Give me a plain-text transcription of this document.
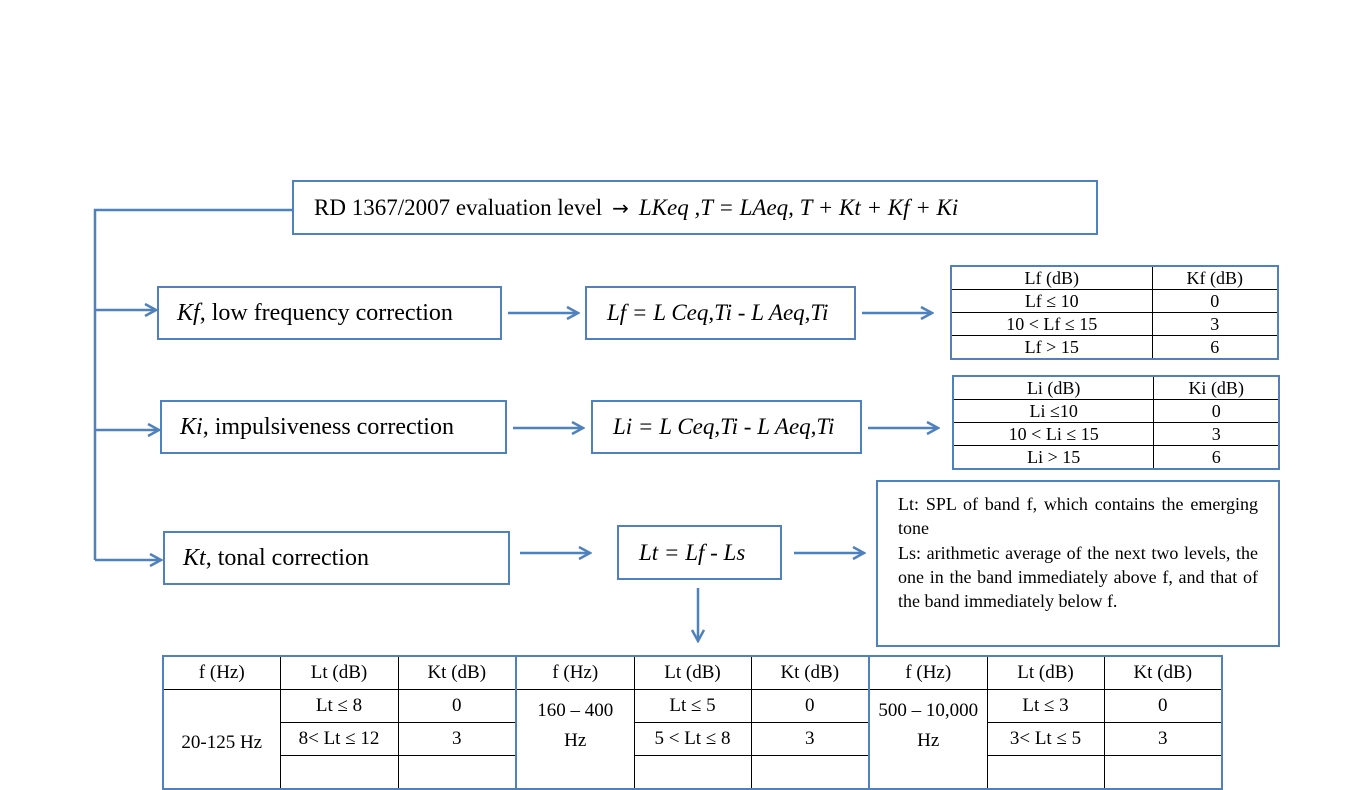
RD 1367/2007 evaluation level → LKeq ,T = LAeq, T + Kt + Kf + Ki
Kf , low frequency correction	Lf = L Ceq,Ti - L Aeq,Ti
Ki , impulsiveness correction	Li = L Ceq,Ti - L Aeq,Ti
Kt , tonal correction	Lt = Lf - Ls
Lf (dB)	Kf (dB)
Lf ≤ 10	0
10 < Lf ≤ 15	3
Lf > 15	6
Li (dB)	Ki (dB)
Li ≤10	0
10 < Li ≤ 15	3
Li > 15	6

Lt: SPL of band f, which contains the emerging tone

Ls: arithmetic average of the next two levels, the one in the band immediately above f, and that of the band immediately below f.

f (Hz)	Lt (dB)	Kt (dB)	f (Hz)	Lt (dB)	Kt (dB)	f (Hz)	Lt (dB)	Kt (dB)
20-125 Hz	Lt ≤ 8	0	160 – 400 Hz	Lt ≤ 5	0	500 – 10,000 Hz	Lt ≤ 3	0
	8< Lt ≤ 12	3		5 < Lt ≤ 8	3		3< Lt ≤ 5	3
